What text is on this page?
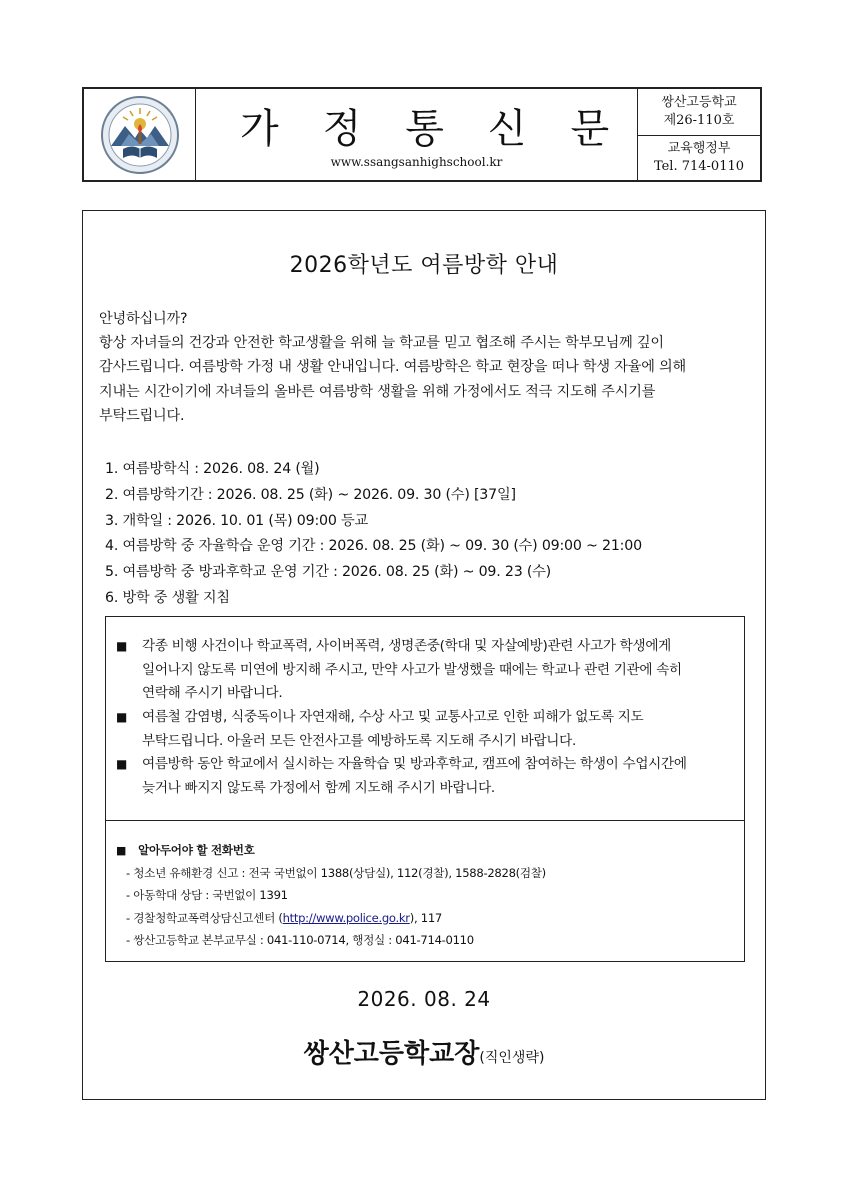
가정통신문
www.ssangsanhighschool.kr
쌍산고등학교
제26-110호
교육행정부
Tel. 714-0110
2026학년도 여름방학 안내
안녕하십니까?
항상 자녀들의 건강과 안전한 학교생활을 위해 늘 학교를 믿고 협조해 주시는 학부모님께 깊이
감사드립니다. 여름방학 가정 내 생활 안내입니다. 여름방학은 학교 현장을 떠나 학생 자율에 의해
지내는 시간이기에 자녀들의 올바른 여름방학 생활을 위해 가정에서도 적극 지도해 주시기를
부탁드립니다.
1. 여름방학식 : 2026. 08. 24 (월)
2. 여름방학기간 : 2026. 08. 25 (화) ~ 2026. 09. 30 (수) [37일]
3. 개학일 : 2026. 10. 01 (목) 09:00 등교
4. 여름방학 중 자율학습 운영 기간 : 2026. 08. 25 (화) ~ 09. 30 (수) 09:00 ~ 21:00
5. 여름방학 중 방과후학교 운영 기간 : 2026. 08. 25 (화) ~ 09. 23 (수)
6. 방학 중 생활 지침
■	각종 비행 사건이나 학교폭력, 사이버폭력, 생명존중(학대 및 자살예방)관련 사고가 학생에게
일어나지 않도록 미연에 방지해 주시고, 만약 사고가 발생했을 때에는 학교나 관련 기관에 속히
연락해 주시기 바랍니다.
■	여름철 감염병, 식중독이나 자연재해, 수상 사고 및 교통사고로 인한 피해가 없도록 지도
부탁드립니다. 아울러 모든 안전사고를 예방하도록 지도해 주시기 바랍니다.
■	여름방학 동안 학교에서 실시하는 자율학습 및 방과후학교, 캠프에 참여하는 학생이 수업시간에
늦거나 빠지지 않도록 가정에서 함께 지도해 주시기 바랍니다.
■ 알아두어야 할 전화번호
- 청소년 유해환경 신고 : 전국 국번없이 1388(상담실), 112(경찰), 1588-2828(검찰)
- 아동학대 상담 : 국번없이 1391
- 경찰청학교폭력상담신고센터 (http://www.police.go.kr), 117
- 쌍산고등학교 본부교무실 : 041-110-0714, 행정실 : 041-714-0110
2026. 08. 24
쌍산고등학교장(직인생략)
